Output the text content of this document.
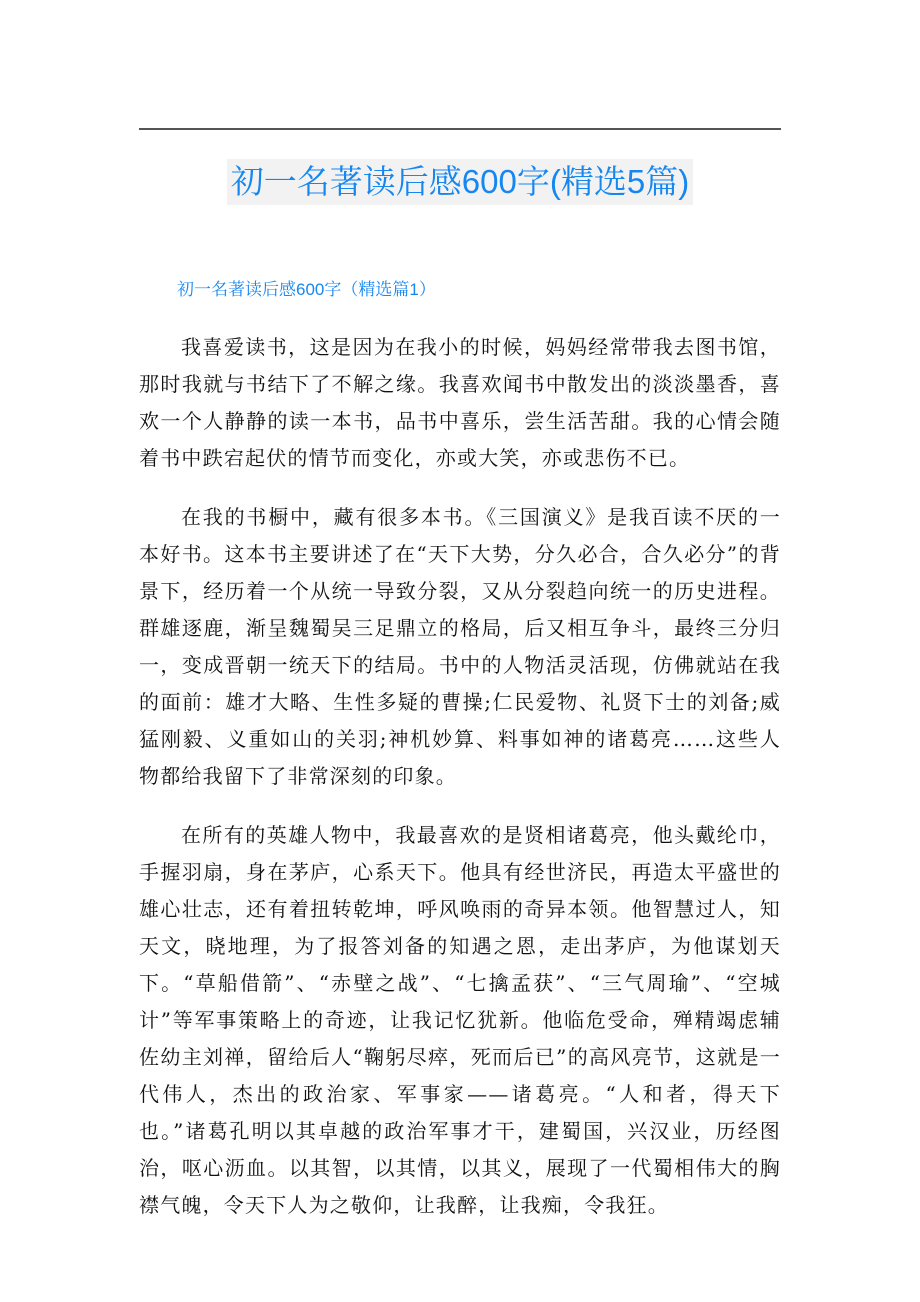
初一名著读后感600字(精选5篇)
初一名著读后感600字（精选篇1）

我喜爱读书，这是因为在我小的时候，妈妈经常带我去图书馆，那时我就与书结下了不解之缘。我喜欢闻书中散发出的淡淡墨香，喜欢一个人静静的读一本书，品书中喜乐，尝生活苦甜。我的心情会随着书中跌宕起伏的情节而变化，亦或大笑，亦或悲伤不已。

在我的书橱中，藏有很多本书。《三国演义》是我百读不厌的一本好书。这本书主要讲述了在“天下大势，分久必合，合久必分”的背景下，经历着一个从统一导致分裂，又从分裂趋向统一的历史进程。群雄逐鹿，渐呈魏蜀吴三足鼎立的格局，后又相互争斗，最终三分归一，变成晋朝一统天下的结局。书中的人物活灵活现，仿佛就站在我的面前：雄才大略、生性多疑的曹操;仁民爱物、礼贤下士的刘备;威猛刚毅、义重如山的关羽;神机妙算、料事如神的诸葛亮……这些人物都给我留下了非常深刻的印象。

在所有的英雄人物中，我最喜欢的是贤相诸葛亮，他头戴纶巾，手握羽扇，身在茅庐，心系天下。他具有经世济民，再造太平盛世的雄心壮志，还有着扭转乾坤，呼风唤雨的奇异本领。他智慧过人，知天文，晓地理，为了报答刘备的知遇之恩，走出茅庐，为他谋划天下。“草船借箭”、“赤壁之战”、“七擒孟获”、“三气周瑜”、“空城计”等军事策略上的奇迹，让我记忆犹新。他临危受命，殚精竭虑辅佐幼主刘禅，留给后人“鞠躬尽瘁，死而后已”的高风亮节，这就是一代伟人，杰出的政治家、军事家——诸葛亮。“人和者，得天下也。”诸葛孔明以其卓越的政治军事才干，建蜀国，兴汉业，历经图治，呕心沥血。以其智，以其情，以其义，展现了一代蜀相伟大的胸襟气魄，令天下人为之敬仰，让我醉，让我痴，令我狂。
